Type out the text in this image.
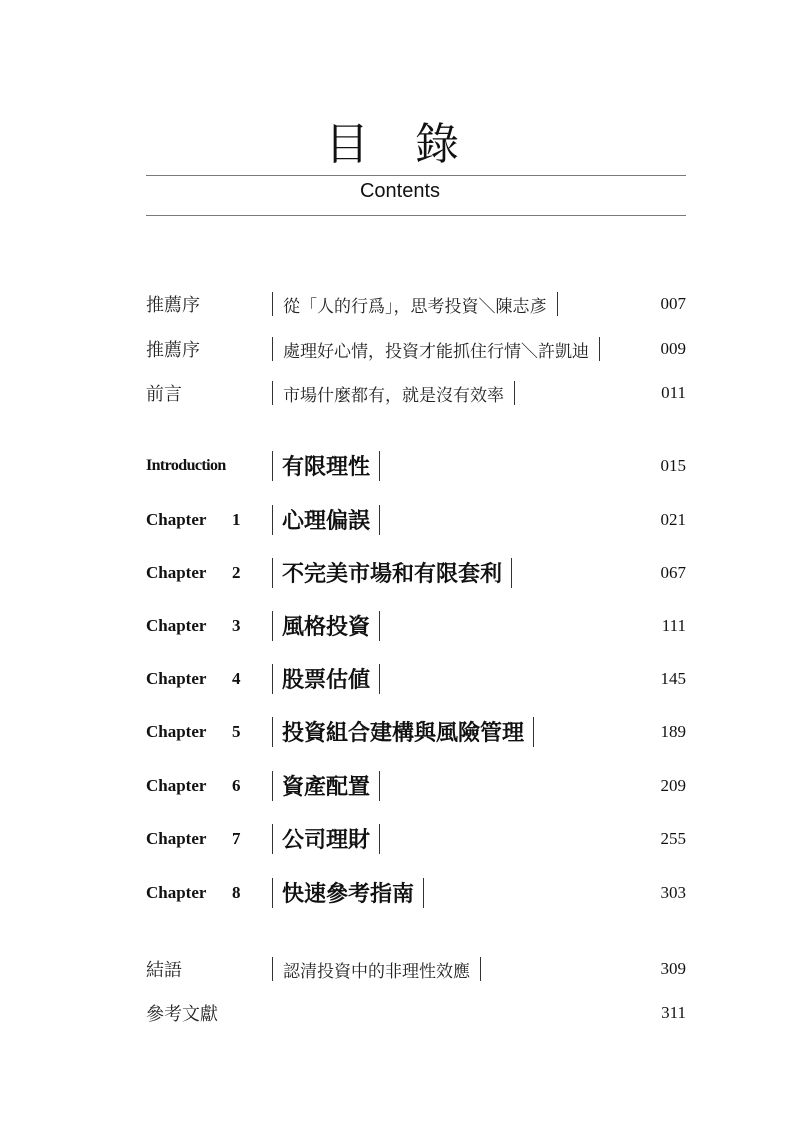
目 錄
Contents
推薦序	從「人的行爲」，思考投資＼陳志彥	007
推薦序	處理好心情，投資才能抓住行情＼許凱迪	009
前言	市場什麼都有，就是沒有效率	011
Introduction	有限理性	015
Chapter 1	心理偏誤	021
Chapter 2	不完美市場和有限套利	067
Chapter 3	風格投資	111
Chapter 4	股票估値	145
Chapter 5	投資組合建構與風險管理	189
Chapter 6	資產配置	209
Chapter 7	公司理財	255
Chapter 8	快速參考指南	303
結語	認清投資中的非理性效應	309
參考文獻	311
